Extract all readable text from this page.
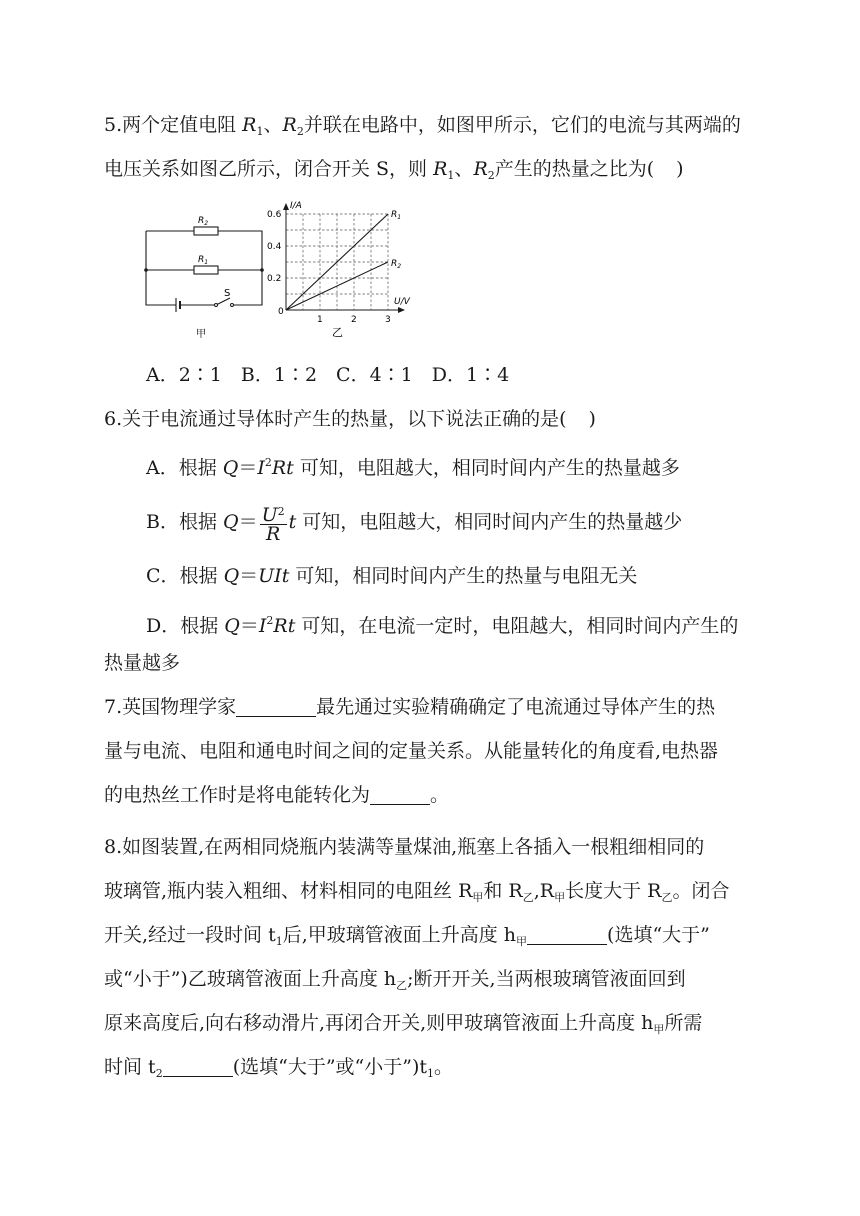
5.两个定值电阻 $R_1$、$R_2$并联在电路中，如图甲所示，它们的电流与其两端的
电压关系如图乙所示，闭合开关 S，则 $R_1$、$R_2$产生的热量之比为( )
$R_2$
$R_1$
S
甲
I/A
U/V
0
0.2
0.4
0.6
1	2	3
$R_1$
$R_2$
乙
A．2∶1　B．1∶2　C．4∶1　D．1∶4
6.关于电流通过导体时产生的热量，以下说法正确的是( )
A．根据 $Q=I^2Rt$ 可知，电阻越大，相同时间内产生的热量越多
B．根据 $Q= \frac{U^2}{R}$ t 可知，电阻越大，相同时间内产生的热量越少
C．根据 Q＝UIt 可知，相同时间内产生的热量与电阻无关
D．根据 $Q=I^2Rt$ 可知，在电流一定时，电阻越大，相同时间内产生的
热量越多
7.英国物理学家	最先通过实验精确确定了电流通过导体产生的热
量与电流、电阻和通电时间之间的定量关系。从能量转化的角度看,电热器
的电热丝工作时是将电能转化为	。
8.如图装置,在两相同烧瓶内装满等量煤油,瓶塞上各插入一根粗细相同的
玻璃管,瓶内装入粗细、材料相同的电阻丝 $R_甲$和 $R_乙,R_甲$长度大于 $R_乙$。闭合
开关,经过一段时间 $t_1$后,甲玻璃管液面上升高度 $h_甲$	(选填“大于”
或“小于”)乙玻璃管液面上升高度 $h_乙$;断开开关,当两根玻璃管液面回到
原来高度后,向右移动滑片,再闭合开关,则甲玻璃管液面上升高度 $h_甲$所需
时间 $t_2$	(选填“大于”或“小于$”)t_1$。
